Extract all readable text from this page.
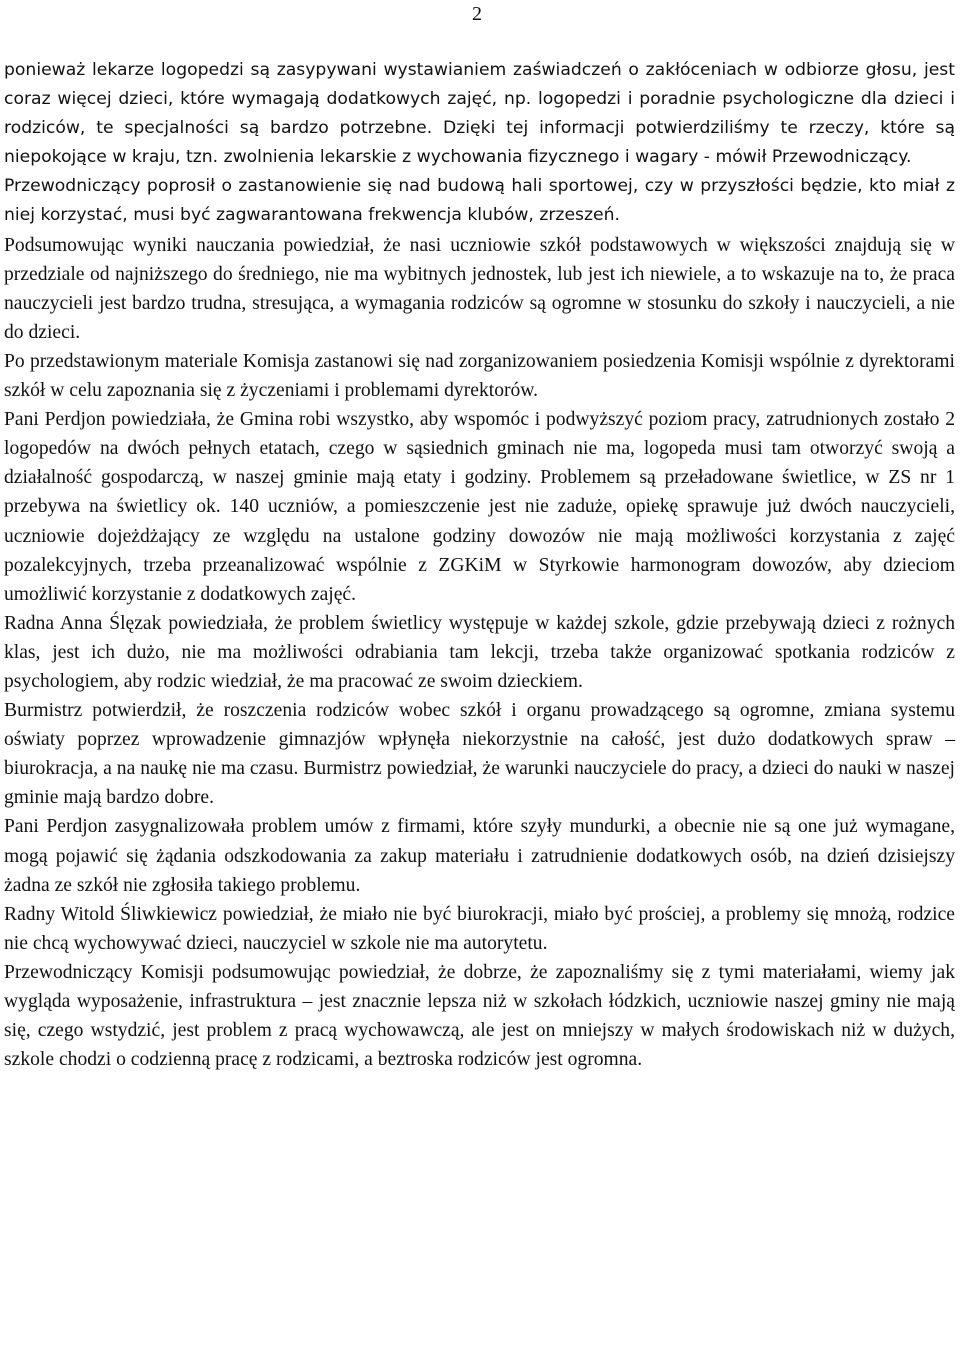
2

ponieważ lekarze logopedzi są zasypywani wystawianiem zaświadczeń o zakłóceniach w odbiorze głosu, jest coraz więcej dzieci, które wymagają dodatkowych zajęć, np. logopedzi i poradnie psychologiczne dla dzieci i rodziców, te specjalności są bardzo potrzebne. Dzięki tej informacji potwierdziliśmy te rzeczy, które są niepokojące w kraju, tzn. zwolnienia lekarskie z wychowania fizycznego i wagary - mówił Przewodniczący.

Przewodniczący poprosił o zastanowienie się nad budową hali sportowej, czy w przyszłości będzie, kto miał z niej korzystać, musi być zagwarantowana frekwencja klubów, zrzeszeń.

Podsumowując wyniki nauczania powiedział, że nasi uczniowie szkół podstawowych w większości znajdują się w przedziale od najniższego do średniego, nie ma wybitnych jednostek, lub jest ich niewiele, a to wskazuje na to, że praca nauczycieli jest bardzo trudna, stresująca, a wymagania rodziców są ogromne w stosunku do szkoły i nauczycieli, a nie do dzieci.

Po przedstawionym materiale Komisja zastanowi się nad zorganizowaniem posiedzenia Komisji wspólnie z dyrektorami szkół w celu zapoznania się z życzeniami i problemami dyrektorów.

Pani Perdjon powiedziała, że Gmina robi wszystko, aby wspomóc i podwyższyć poziom pracy, zatrudnionych zostało 2 logopedów na dwóch pełnych etatach, czego w sąsiednich gminach nie ma, logopeda musi tam otworzyć swoją a działalność gospodarczą, w naszej gminie mają etaty i godziny. Problemem są przeładowane świetlice, w ZS nr 1 przebywa na świetlicy ok. 140 uczniów, a pomieszczenie jest nie zaduże, opiekę sprawuje już dwóch nauczycieli, uczniowie dojeżdżający ze względu na ustalone godziny dowozów nie mają możliwości korzystania z zajęć pozalekcyjnych, trzeba przeanalizować wspólnie z ZGKiM w Styrkowie harmonogram dowozów, aby dzieciom umożliwić korzystanie z dodatkowych zajęć.

Radna Anna Ślęzak powiedziała, że problem świetlicy występuje w każdej szkole, gdzie przebywają dzieci z rożnych klas, jest ich dużo, nie ma możliwości odrabiania tam lekcji, trzeba także organizować spotkania rodziców z psychologiem, aby rodzic wiedział, że ma pracować ze swoim dzieckiem.

Burmistrz potwierdził, że roszczenia rodziców wobec szkół i organu prowadzącego są ogromne, zmiana systemu oświaty poprzez wprowadzenie gimnazjów wpłynęła niekorzystnie na całość, jest dużo dodatkowych spraw – biurokracja, a na naukę nie ma czasu. Burmistrz powiedział, że warunki nauczyciele do pracy, a dzieci do nauki w naszej gminie mają bardzo dobre.

Pani Perdjon zasygnalizowała problem umów z firmami, które szyły mundurki, a obecnie nie są one już wymagane, mogą pojawić się żądania odszkodowania za zakup materiału i zatrudnienie dodatkowych osób, na dzień dzisiejszy żadna ze szkół nie zgłosiła takiego problemu.

Radny Witold Śliwkiewicz powiedział, że miało nie być biurokracji, miało być prościej, a problemy się mnożą, rodzice nie chcą wychowywać dzieci, nauczyciel w szkole nie ma autorytetu.

Przewodniczący Komisji podsumowując powiedział, że dobrze, że zapoznaliśmy się z tymi materiałami, wiemy jak wygląda wyposażenie, infrastruktura – jest znacznie lepsza niż w szkołach łódzkich, uczniowie naszej gminy nie mają się, czego wstydzić, jest problem z pracą wychowawczą, ale jest on mniejszy w małych środowiskach niż w dużych, szkole chodzi o codzienną pracę z rodzicami, a beztroska rodziców jest ogromna.
